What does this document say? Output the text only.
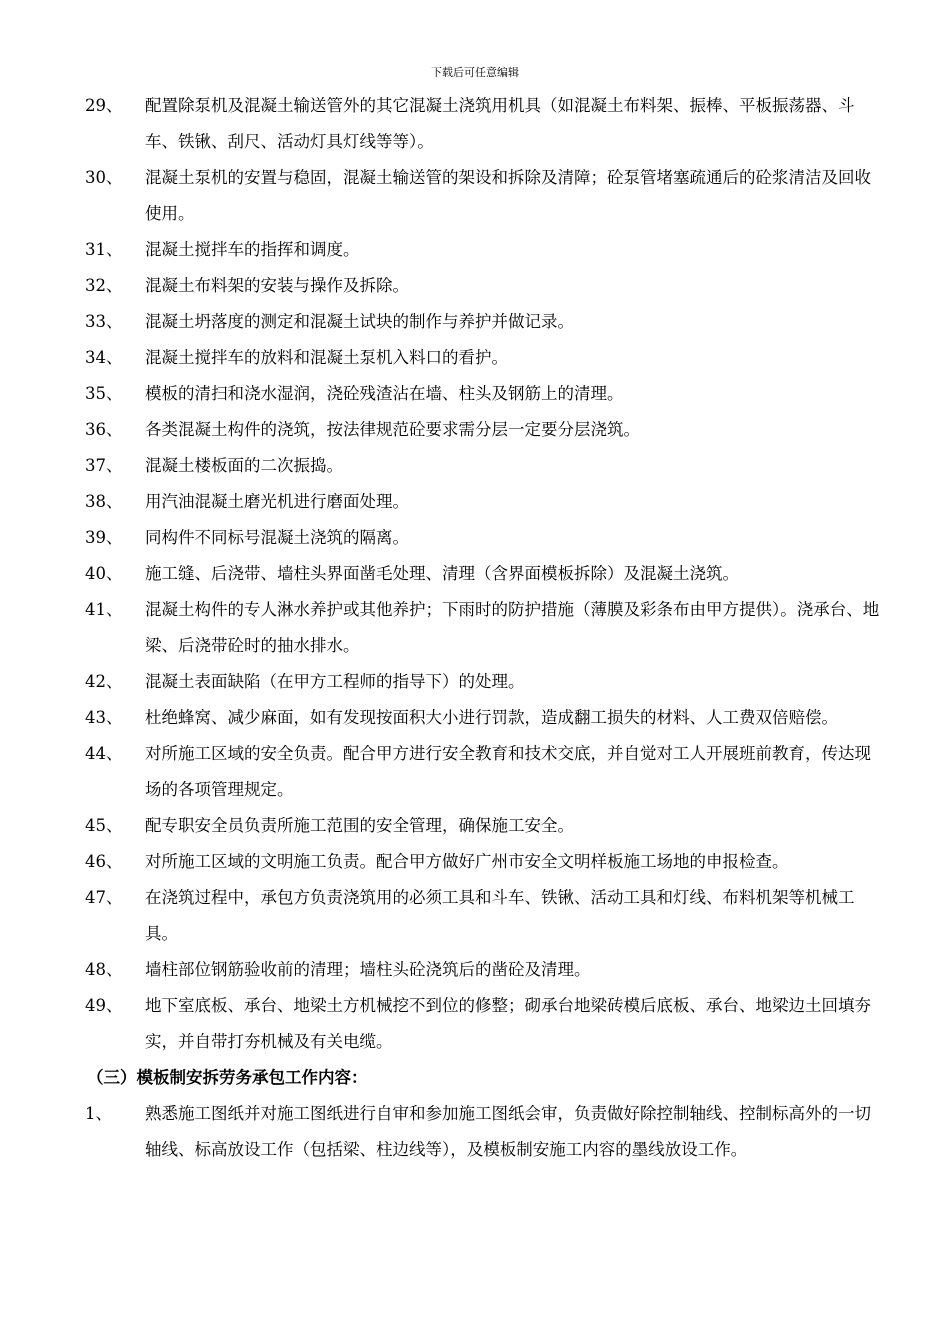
下载后可任意编辑
29、	配置除泵机及混凝土输送管外的其它混凝土浇筑用机具（如混凝土布料架、振棒、平板振荡器、斗车、铁锹、刮尺、活动灯具灯线等等）。
30、	混凝土泵机的安置与稳固，混凝土输送管的架设和拆除及清障；砼泵管堵塞疏通后的砼浆清洁及回收使用。
31、	混凝土搅拌车的指挥和调度。
32、	混凝土布料架的安装与操作及拆除。
33、	混凝土坍落度的测定和混凝土试块的制作与养护并做记录。
34、	混凝土搅拌车的放料和混凝土泵机入料口的看护。
35、	模板的清扫和浇水湿润，浇砼残渣沾在墙、柱头及钢筋上的清理。
36、	各类混凝土构件的浇筑，按法律规范砼要求需分层一定要分层浇筑。
37、	混凝土楼板面的二次振捣。
38、	用汽油混凝土磨光机进行磨面处理。
39、	同构件不同标号混凝土浇筑的隔离。
40、	施工缝、后浇带、墙柱头界面凿毛处理、清理（含界面模板拆除）及混凝土浇筑。
41、	混凝土构件的专人淋水养护或其他养护；下雨时的防护措施（薄膜及彩条布由甲方提供）。浇承台、地梁、后浇带砼时的抽水排水。
42、	混凝土表面缺陷（在甲方工程师的指导下）的处理。
43、	杜绝蜂窝、减少麻面，如有发现按面积大小进行罚款，造成翻工损失的材料、人工费双倍赔偿。
44、	对所施工区域的安全负责。配合甲方进行安全教育和技术交底，并自觉对工人开展班前教育，传达现场的各项管理规定。
45、	配专职安全员负责所施工范围的安全管理，确保施工安全。
46、	对所施工区域的文明施工负责。配合甲方做好广州市安全文明样板施工场地的申报检查。
47、	在浇筑过程中，承包方负责浇筑用的必须工具和斗车、铁锹、活动工具和灯线、布料机架等机械工具。
48、	墙柱部位钢筋验收前的清理；墙柱头砼浇筑后的凿砼及清理。
49、	地下室底板、承台、地梁土方机械挖不到位的修整；砌承台地梁砖模后底板、承台、地梁边土回填夯实，并自带打夯机械及有关电缆。
（三）模板制安拆劳务承包工作内容：
1、	熟悉施工图纸并对施工图纸进行自审和参加施工图纸会审，负责做好除控制轴线、控制标高外的一切轴线、标高放设工作（包括梁、柱边线等），及模板制安施工内容的墨线放设工作。
